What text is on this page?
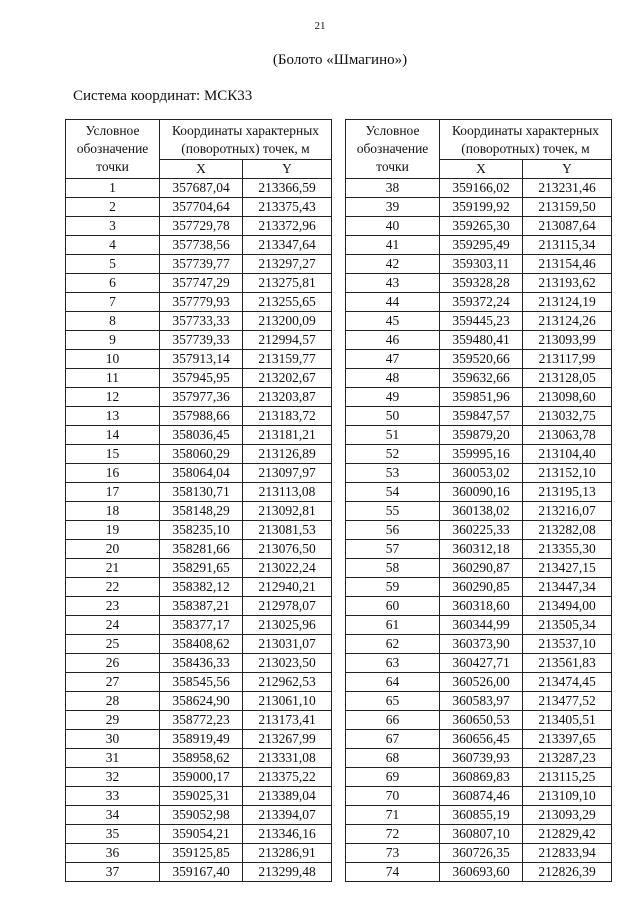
21
(Болото «Шмагино»)
Система координат: МСК33
Условное обозначение точки	Координаты характерных (поворотных) точек, м	
	X	Y
1	357687,04	213366,59
2	357704,64	213375,43
3	357729,78	213372,96
4	357738,56	213347,64
5	357739,77	213297,27
6	357747,29	213275,81
7	357779,93	213255,65
8	357733,33	213200,09
9	357739,33	212994,57
10	357913,14	213159,77
11	357945,95	213202,67
12	357977,36	213203,87
13	357988,66	213183,72
14	358036,45	213181,21
15	358060,29	213126,89
16	358064,04	213097,97
17	358130,71	213113,08
18	358148,29	213092,81
19	358235,10	213081,53
20	358281,66	213076,50
21	358291,65	213022,24
22	358382,12	212940,21
23	358387,21	212978,07
24	358377,17	213025,96
25	358408,62	213031,07
26	358436,33	213023,50
27	358545,56	212962,53
28	358624,90	213061,10
29	358772,23	213173,41
30	358919,49	213267,99
31	358958,62	213331,08
32	359000,17	213375,22
33	359025,31	213389,04
34	359052,98	213394,07
35	359054,21	213346,16
36	359125,85	213286,91
37	359167,40	213299,48
Условное обозначение точки	Координаты характерных (поворотных) точек, м	
	X	Y
38	359166,02	213231,46
39	359199,92	213159,50
40	359265,30	213087,64
41	359295,49	213115,34
42	359303,11	213154,46
43	359328,28	213193,62
44	359372,24	213124,19
45	359445,23	213124,26
46	359480,41	213093,99
47	359520,66	213117,99
48	359632,66	213128,05
49	359851,96	213098,60
50	359847,57	213032,75
51	359879,20	213063,78
52	359995,16	213104,40
53	360053,02	213152,10
54	360090,16	213195,13
55	360138,02	213216,07
56	360225,33	213282,08
57	360312,18	213355,30
58	360290,87	213427,15
59	360290,85	213447,34
60	360318,60	213494,00
61	360344,99	213505,34
62	360373,90	213537,10
63	360427,71	213561,83
64	360526,00	213474,45
65	360583,97	213477,52
66	360650,53	213405,51
67	360656,45	213397,65
68	360739,93	213287,23
69	360869,83	213115,25
70	360874,46	213109,10
71	360855,19	213093,29
72	360807,10	212829,42
73	360726,35	212833,94
74	360693,60	212826,39
